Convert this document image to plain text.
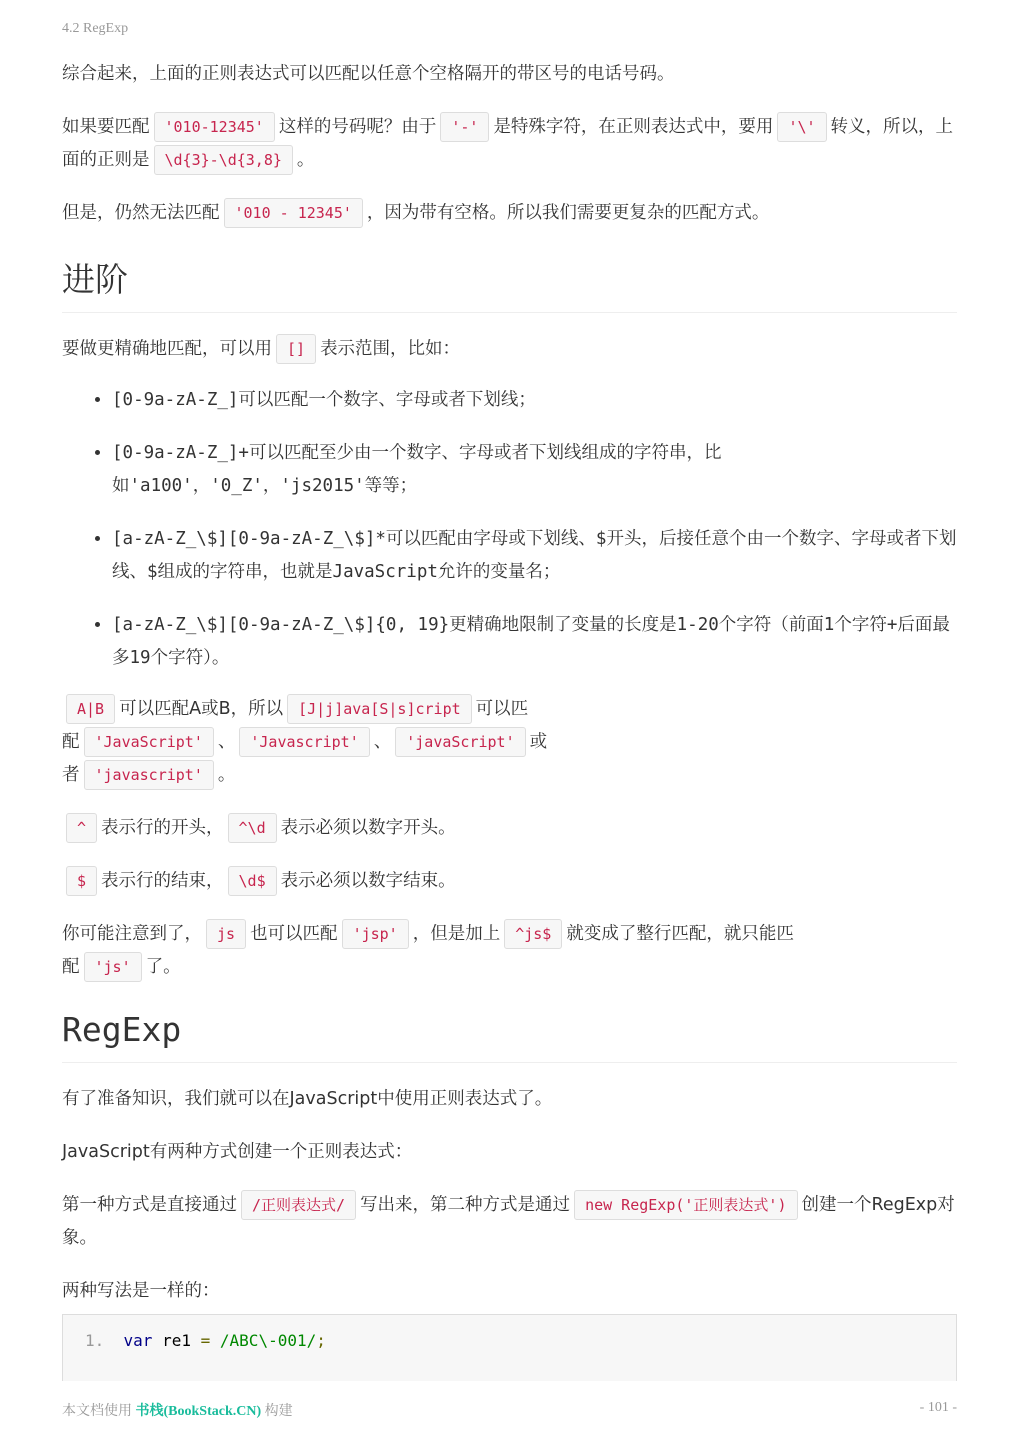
4.2 RegExp

综合起来，上面的正则表达式可以匹配以任意个空格隔开的带区号的电话号码。

如果要匹配 '010-12345' 这样的号码呢？由于 '-' 是特殊字符，在正则表达式中，要用 '\' 转义，所以，上面的正则是 \d{3}-\d{3,8} 。

但是，仍然无法匹配 '010 - 12345' ，因为带有空格。所以我们需要更复杂的匹配方式。

进阶

要做更精确地匹配，可以用 [] 表示范围，比如：

• [0-9a-zA-Z_]可以匹配一个数字、字母或者下划线；
• [0-9a-zA-Z_]+可以匹配至少由一个数字、字母或者下划线组成的字符串，比如'a100'，'0_Z'，'js2015'等等；
• [a-zA-Z_\$][0-9a-zA-Z_\$]*可以匹配由字母或下划线、$开头，后接任意个由一个数字、字母或者下划线、$组成的字符串，也就是JavaScript允许的变量名；
• [a-zA-Z_\$][0-9a-zA-Z_\$]{0, 19}更精确地限制了变量的长度是1-20个字符（前面1个字符+后面最多19个字符）。

A|B 可以匹配A或B，所以 [J|j]ava[S|s]cript 可以匹配 'JavaScript' 、 'Javascript' 、 'javaScript' 或者 'javascript' 。

^ 表示行的开头， ^\d 表示必须以数字开头。

$ 表示行的结束， \d$ 表示必须以数字结束。

你可能注意到了， js 也可以匹配 'jsp' ，但是加上 ^js$ 就变成了整行匹配，就只能匹配 'js' 了。

RegExp

有了准备知识，我们就可以在JavaScript中使用正则表达式了。

JavaScript有两种方式创建一个正则表达式：

第一种方式是直接通过 /正则表达式/ 写出来，第二种方式是通过 new RegExp('正则表达式') 创建一个RegExp对象。

两种写法是一样的：

1. var re1 = /ABC\-001/;
本文档使用 书栈(BookStack.CN) 构建	- 101 -
